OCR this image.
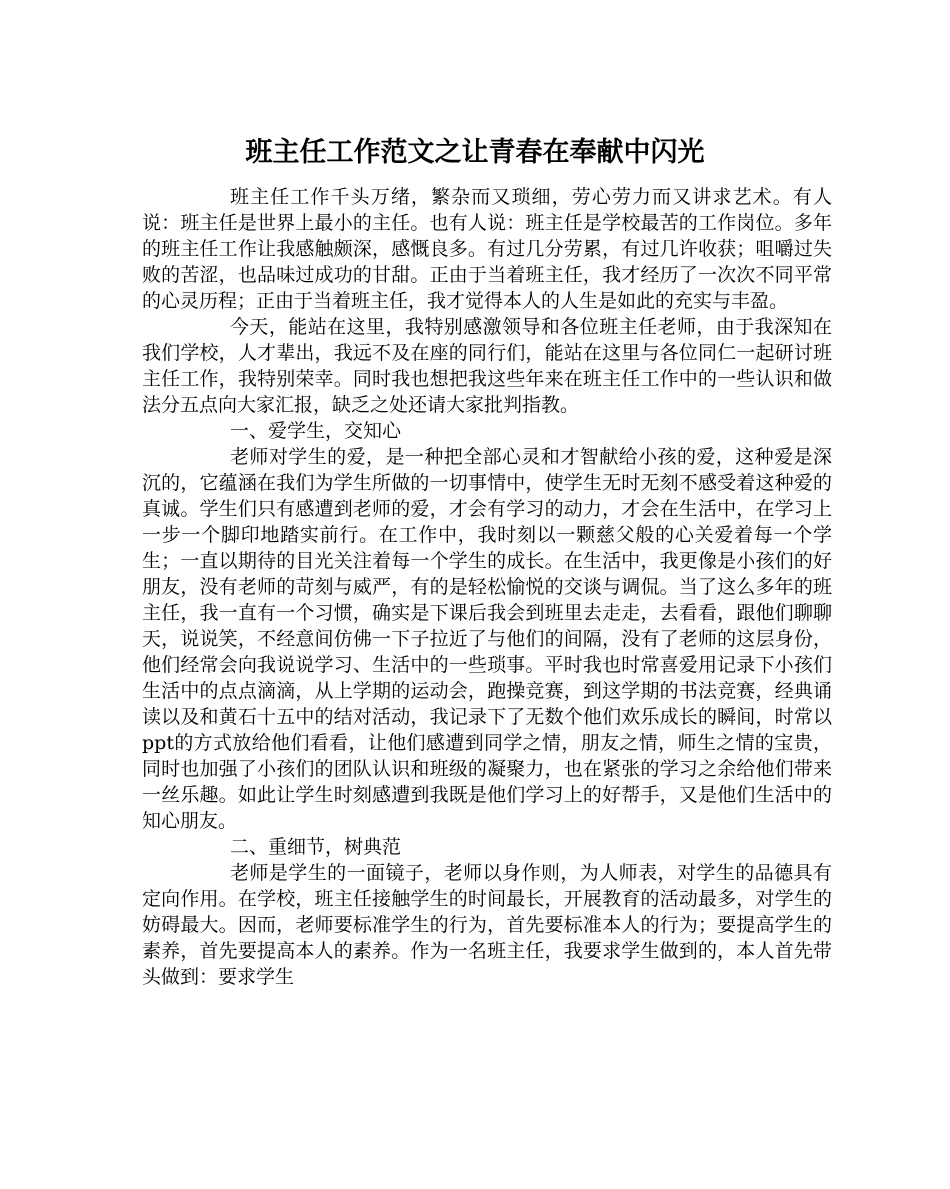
班主任工作范文之让青春在奉献中闪光

班主任工作千头万绪，繁杂而又琐细，劳心劳力而又讲求艺术。有人说：班主任是世界上最小的主任。也有人说：班主任是学校最苦的工作岗位。多年的班主任工作让我感触颇深，感慨良多。有过几分劳累，有过几许收获；咀嚼过失败的苦涩，也品味过成功的甘甜。正由于当着班主任，我才经历了一次次不同平常的心灵历程；正由于当着班主任，我才觉得本人的人生是如此的充实与丰盈。

今天，能站在这里，我特别感激领导和各位班主任老师，由于我深知在我们学校，人才辈出，我远不及在座的同行们，能站在这里与各位同仁一起研讨班主任工作，我特别荣幸。同时我也想把我这些年来在班主任工作中的一些认识和做法分五点向大家汇报，缺乏之处还请大家批判指教。

一、爱学生，交知心

老师对学生的爱，是一种把全部心灵和才智献给小孩的爱，这种爱是深沉的，它蕴涵在我们为学生所做的一切事情中，使学生无时无刻不感受着这种爱的真诚。学生们只有感遭到老师的爱，才会有学习的动力，才会在生活中，在学习上一步一个脚印地踏实前行。在工作中，我时刻以一颗慈父般的心关爱着每一个学生；一直以期待的目光关注着每一个学生的成长。在生活中，我更像是小孩们的好朋友，没有老师的苛刻与威严，有的是轻松愉悦的交谈与调侃。当了这么多年的班主任，我一直有一个习惯，确实是下课后我会到班里去走走，去看看，跟他们聊聊天，说说笑，不经意间仿佛一下子拉近了与他们的间隔，没有了老师的这层身份，他们经常会向我说说学习、生活中的一些琐事。平时我也时常喜爱用记录下小孩们生活中的点点滴滴，从上学期的运动会，跑操竞赛，到这学期的书法竞赛，经典诵读以及和黄石十五中的结对活动，我记录下了无数个他们欢乐成长的瞬间，时常以ppt的方式放给他们看看，让他们感遭到同学之情，朋友之情，师生之情的宝贵，同时也加强了小孩们的团队认识和班级的凝聚力，也在紧张的学习之余给他们带来一丝乐趣。如此让学生时刻感遭到我既是他们学习上的好帮手，又是他们生活中的知心朋友。

二、重细节，树典范

老师是学生的一面镜子，老师以身作则，为人师表，对学生的品德具有定向作用。在学校，班主任接触学生的时间最长，开展教育的活动最多，对学生的妨碍最大。因而，老师要标准学生的行为，首先要标准本人的行为；要提高学生的素养，首先要提高本人的素养。作为一名班主任，我要求学生做到的，本人首先带头做到：要求学生
